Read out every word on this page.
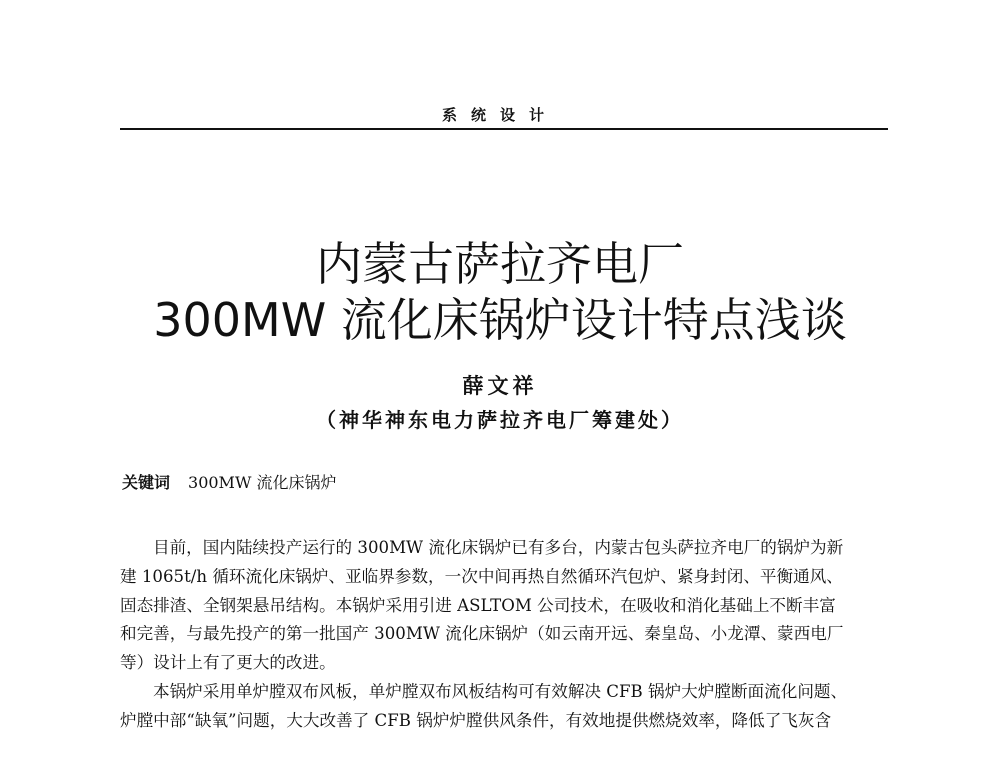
系统设计
内蒙古萨拉齐电厂
300MW 流化床锅炉设计特点浅谈
薛文祥
（神华神东电力萨拉齐电厂筹建处）
关键词 300MW 流化床锅炉
目前，国内陆续投产运行的 300MW 流化床锅炉已有多台，内蒙古包头萨拉齐电厂的锅炉为新
建 1065t/h 循环流化床锅炉、亚临界参数，一次中间再热自然循环汽包炉、紧身封闭、平衡通风、
固态排渣、全钢架悬吊结构。本锅炉采用引进 ASLTOM 公司技术，在吸收和消化基础上不断丰富
和完善，与最先投产的第一批国产 300MW 流化床锅炉（如云南开远、秦皇岛、小龙潭、蒙西电厂
等）设计上有了更大的改进。
本锅炉采用单炉膛双布风板，单炉膛双布风板结构可有效解决 CFB 锅炉大炉膛断面流化问题、
炉膛中部“缺氧”问题，大大改善了 CFB 锅炉炉膛供风条件，有效地提供燃烧效率，降低了飞灰含
